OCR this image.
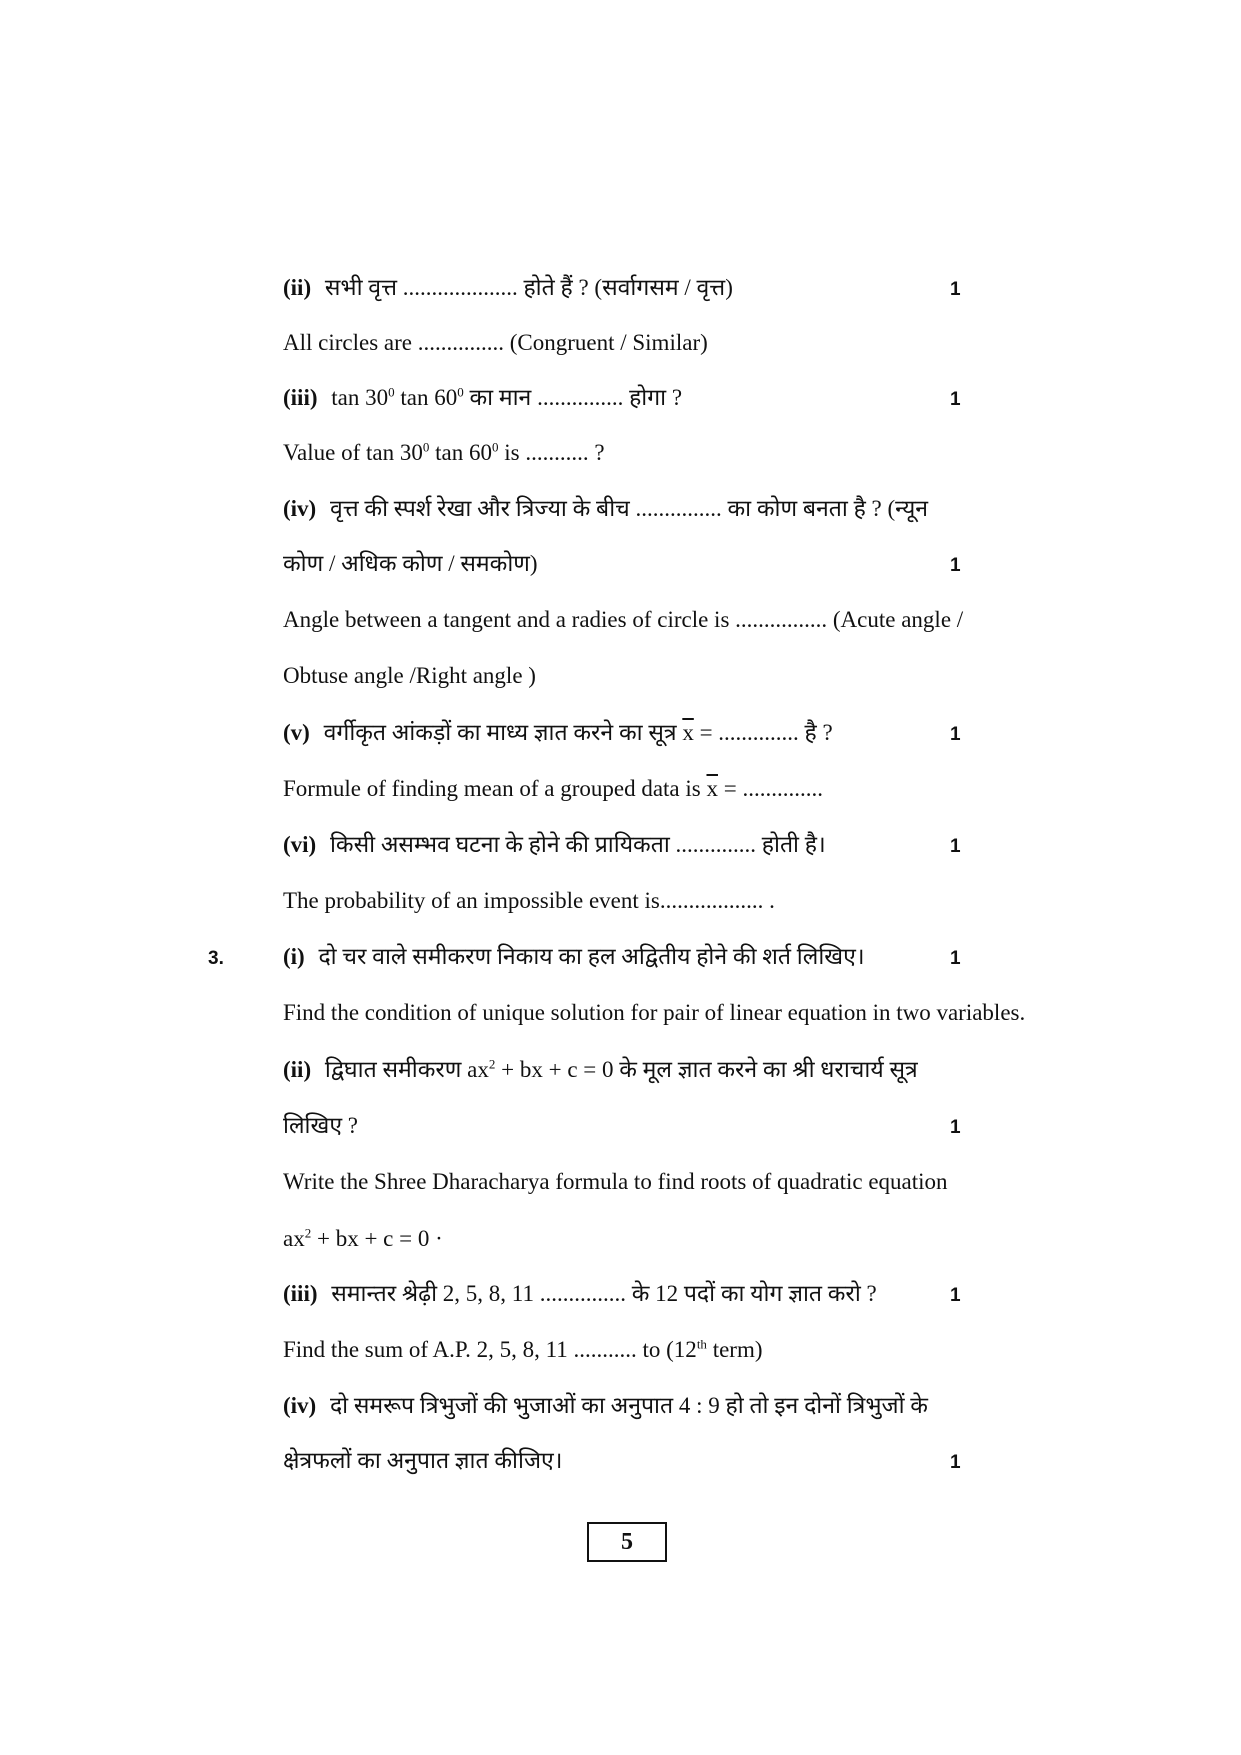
(ii) सभी वृत्त .................... होते हैं ? (सर्वागसम / वृत्त)	1
All circles are ............... (Congruent / Similar)
(iii) $\tan 30^0$ $\tan 60^0$ का मान ............... होगा ?	1
Value of $\tan 30^0$ $\tan 60^0$ is ........... ?
(iv) वृत्त की स्पर्श रेखा और त्रिज्या के बीच ............... का कोण बनता है ? (न्यून
कोण / अधिक कोण / समकोण)	1
Angle between a tangent and a radies of circle is ................ (Acute angle /
Obtuse angle /Right angle )
(v) वर्गीकृत आंकड़ों का माध्य ज्ञात करने का सूत्र $\overline{x}$ = .............. है ?	1
Formule of finding mean of a grouped data is $\overline{x}$ = ..............
(vi) किसी असम्भव घटना के होने की प्रायिकता .............. होती है।	1
The probability of an impossible event is.................. .
3.	(i) दो चर वाले समीकरण निकाय का हल अद्वितीय होने की शर्त लिखिए।	1
Find the condition of unique solution for pair of linear equation in two variables.
(ii) द्विघात समीकरण $ax^2$ + bx + c = 0 के मूल ज्ञात करने का श्री धराचार्य सूत्र
लिखिए ?	1
Write the Shree Dharacharya formula to find roots of quadratic equation
$ax^2$ + bx + c = 0 ·
(iii) समान्तर श्रेढ़ी 2, 5, 8, 11 ............... के 12 पदों का योग ज्ञात करो ?	1
Find the sum of A.P. 2, 5, 8, 11 ........... to (12th term)
(iv) दो समरूप त्रिभुजों की भुजाओं का अनुपात 4 : 9 हो तो इन दोनों त्रिभुजों के
क्षेत्रफलों का अनुपात ज्ञात कीजिए।	1
5
